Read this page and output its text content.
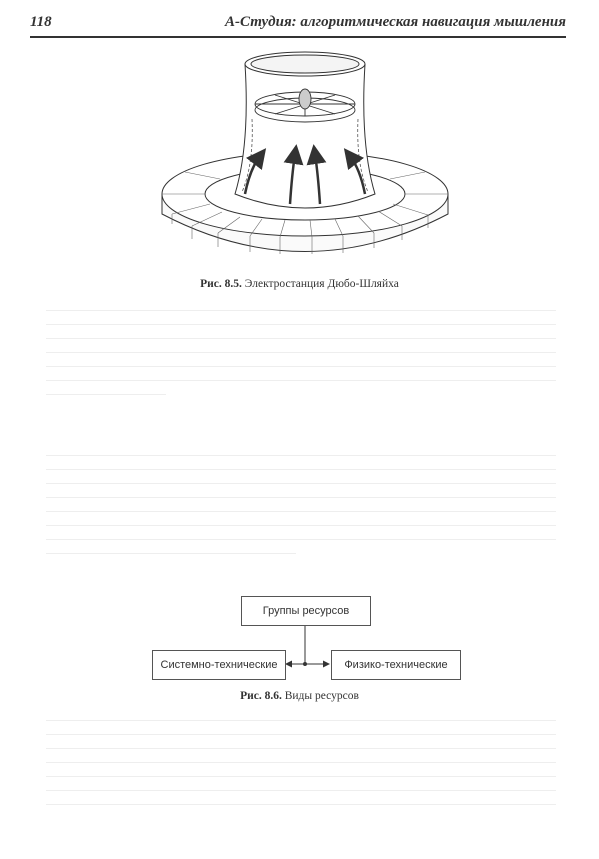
118	А-Студия: алгоритмическая навигация мышления
Рис. 8.5. Электростанция Дюбо-Шляйха
Группы ресурсов
Системно-технические	Физико-технические
Рис. 8.6. Виды ресурсов
